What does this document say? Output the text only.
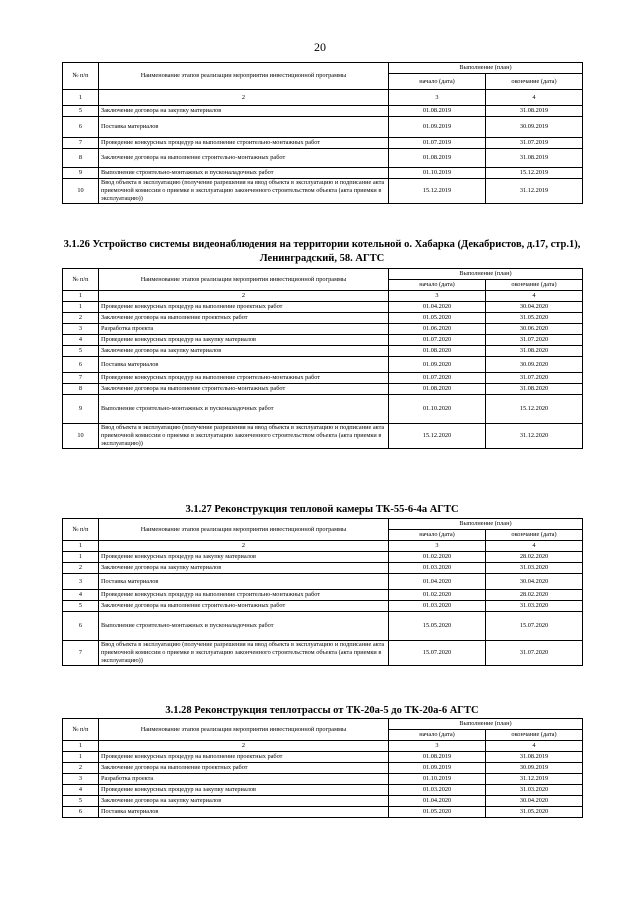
20
3.1.26 Устройство системы видеонаблюдения на территории котельной о. Хабарка (Декабристов, д.17, стр.1), Ленинградский, 58. АГТС
3.1.27 Реконструкция тепловой камеры ТК-55-6-4а АГТС
3.1.28 Реконструкция теплотрассы от ТК-20а-5 до ТК-20а-6 АГТС
№ п/п	Наименование этапов реализации мероприятия инвестиционной программы	Выполнение (план)	
		начало (дата)	окончание (дата)
1	2	3	4
5	Заключение договора на закупку материалов	01.08.2019	31.08.2019
6	Поставка материалов	01.09.2019	30.09.2019
7	Проведение конкурсных процедур на выполнение строительно-монтажных работ	01.07.2019	31.07.2019
8	Заключение договора на выполнение строительно-монтажных работ	01.08.2019	31.08.2019
9	Выполнение строительно-монтажных и пусконаладочных работ	01.10.2019	15.12.2019
10	Ввод объекта в эксплуатацию (получение разрешения на ввод объекта в эксплуатацию и подписание акта приемочной комиссии о приемке в эксплуатацию законченного строительством объекта (акта приемки в эксплуатацию))	15.12.2019	31.12.2019
№ п/п	Наименование этапов реализации мероприятия инвестиционной программы	Выполнение (план)	
		начало (дата)	окончание (дата)
1	2	3	4
1	Проведение конкурсных процедур на выполнение проектных работ	01.04.2020	30.04.2020
2	Заключение договора на выполнение проектных работ	01.05.2020	31.05.2020
3	Разработка проекта	01.06.2020	30.06.2020
4	Проведение конкурсных процедур на закупку материалов	01.07.2020	31.07.2020
5	Заключение договора на закупку материалов	01.08.2020	31.08.2020
6	Поставка материалов	01.09.2020	30.09.2020
7	Проведение конкурсных процедур на выполнение строительно-монтажных работ	01.07.2020	31.07.2020
8	Заключение договора на выполнение строительно-монтажных работ	01.08.2020	31.08.2020
9	Выполнение строительно-монтажных и пусконаладочных работ	01.10.2020	15.12.2020
10	Ввод объекта в эксплуатацию (получение разрешения на ввод объекта в эксплуатацию и подписание акта приемочной комиссии о приемке в эксплуатацию законченного строительством объекта (акта приемки в эксплуатацию))	15.12.2020	31.12.2020
№ п/п	Наименование этапов реализации мероприятия инвестиционной программы	Выполнение (план)	
		начало (дата)	окончание (дата)
1	2	3	4
1	Проведение конкурсных процедур на закупку материалов	01.02.2020	28.02.2020
2	Заключение договора на закупку материалов	01.03.2020	31.03.2020
3	Поставка материалов	01.04.2020	30.04.2020
4	Проведение конкурсных процедур на выполнение строительно-монтажных работ	01.02.2020	28.02.2020
5	Заключение договора на выполнение строительно-монтажных работ	01.03.2020	31.03.2020
6	Выполнение строительно-монтажных и пусконаладочных работ	15.05.2020	15.07.2020
7	Ввод объекта в эксплуатацию (получение разрешения на ввод объекта в эксплуатацию и подписание акта приемочной комиссии о приемке в эксплуатацию законченного строительством объекта (акта приемки в эксплуатацию))	15.07.2020	31.07.2020
№ п/п	Наименование этапов реализации мероприятия инвестиционной программы	Выполнение (план)	
		начало (дата)	окончание (дата)
1	2	3	4
1	Проведение конкурсных процедур на выполнение проектных работ	01.08.2019	31.08.2019
2	Заключение договора на выполнение проектных работ	01.09.2019	30.09.2019
3	Разработка проекта	01.10.2019	31.12.2019
4	Проведение конкурсных процедур на закупку материалов	01.03.2020	31.03.2020
5	Заключение договора на закупку материалов	01.04.2020	30.04.2020
6	Поставка материалов	01.05.2020	31.05.2020
